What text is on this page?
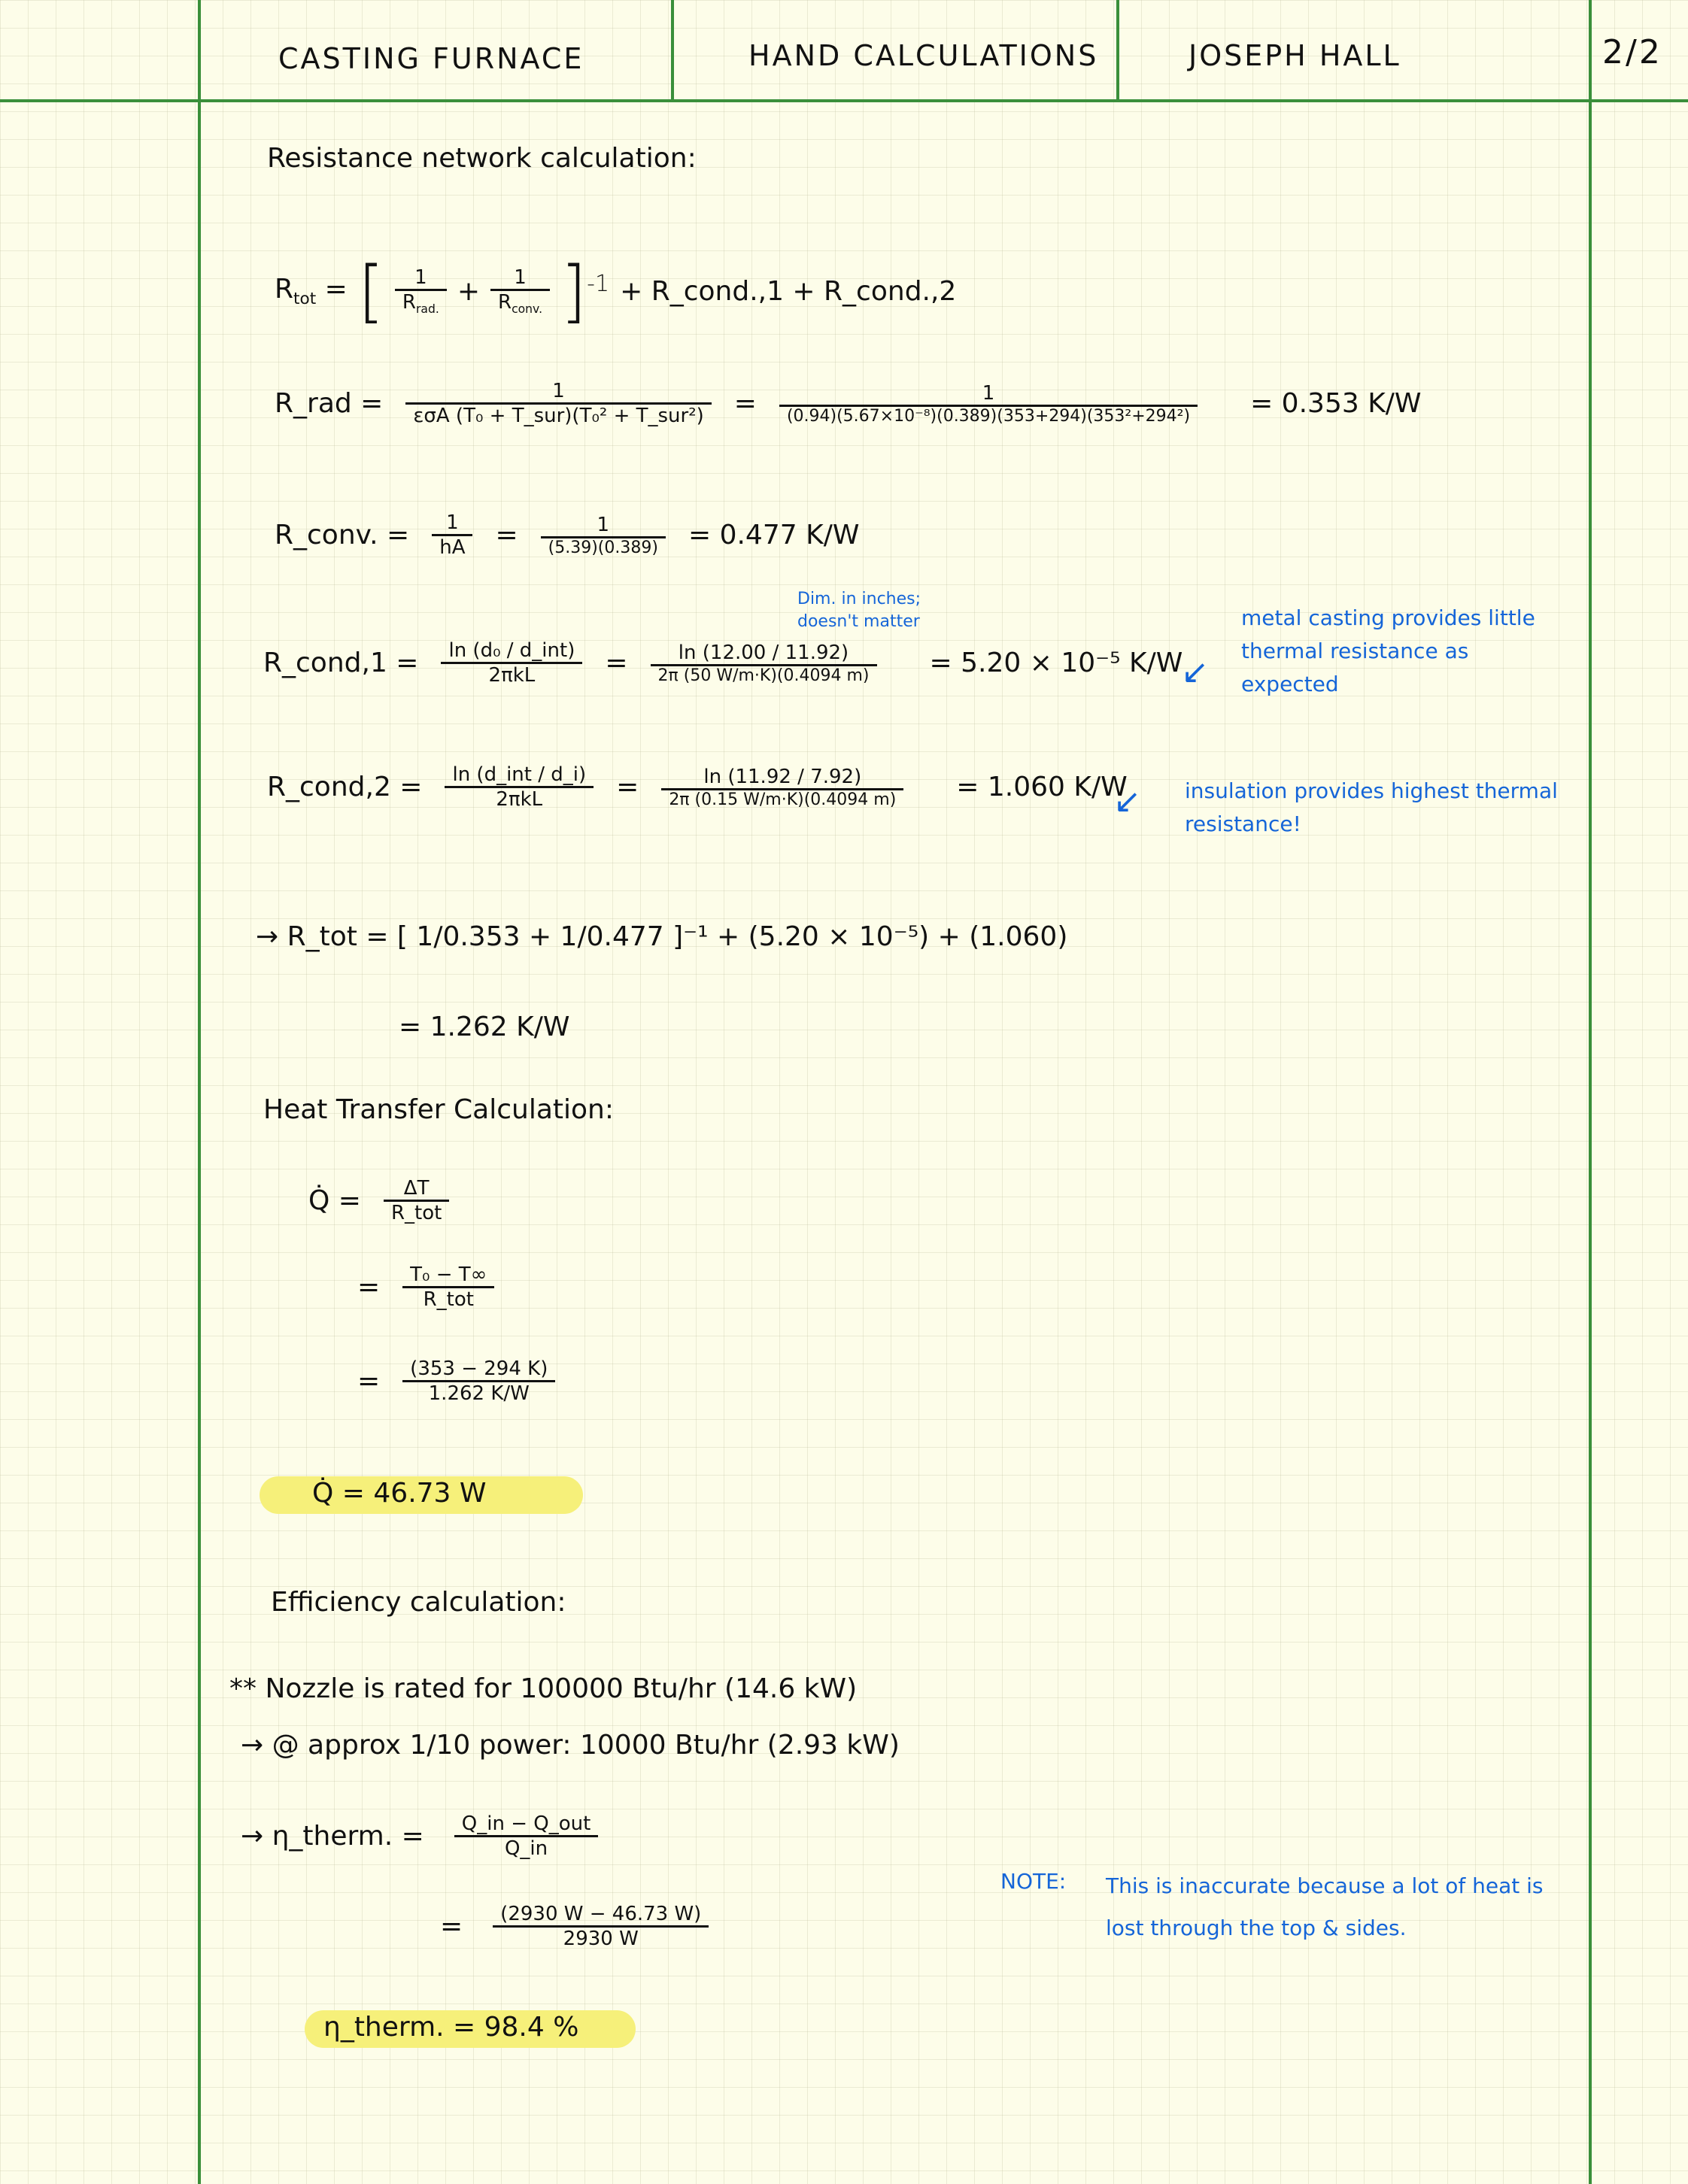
CASTING FURNACE	HAND CALCULATIONS	JOSEPH HALL	2/2
Resistance network calculation:
$R_{tot}$ = [ $\frac{1}{R_{rad.}} + \frac{1}{R_{conv.}} ]^{-1}$ + R_cond.,1 + R_cond.,2
R_rad = $\frac{1}{\text{εσA (T₀ + T\_sur)(T₀² + T\_sur²)}} = \frac{1}{\text{(0.94)(5.67×10⁻⁸)(0.389)(353+294)(353²+294²)}} = 0.353$ K/W
R_conv. = $\frac{1}{hA} = \frac{1}{(5.39)(0.389)} = 0.477$ K/W
R_cond,1 = $\frac{\text{ln (d₀ / d\_int)}}{\text{2πkL}} = \frac{\ln (12.00 / 11.92)}{2\pi (50 W/m\cdot K)(0.4094 m)} = 5.20 \times 10^{-5}$ K/W
Dim. in inches; doesn't matter
↙
metal casting provides little thermal resistance as expected
R_cond,2 = $\frac{\text{ln (d\_int / d\_i)}}{\text{2πkL}} = \frac{\ln (11.92 / 7.92)}{2\pi (0.15 W/m\cdot K)(0.4094 m)} = 1.060$ K/W
↙ insulation provides highest thermal resistance!
→ R_tot = [ 1/0.353 + 1/0.477 ]⁻¹ + (5.20 × 10⁻⁵) + (1.060)
= 1.262 K/W
Heat Transfer Calculation:
Q̇ = $\frac{\Delta T}{\text{R\_tot}}$
= $\frac{\text{T₀ − T∞}}{\text{R\_tot}}$
= $\frac{(353 - 294 K)}{1.262 K/W}$
Q̇ = 46.73 W
Efficiency calculation:
** Nozzle is rated for 100000 Btu/hr (14.6 kW)
→ @ approx 1/10 power: 10000 Btu/hr (2.93 kW)
→ η_therm. = $\frac{\text{Q\_in − Q\_out}}{Q\_in}$
= $\frac{(2930 W - 46.73 W)}{2930 W}$
η_therm. = 98.4 %
NOTE: This is inaccurate because a lot of heat is lost through the top & sides.
